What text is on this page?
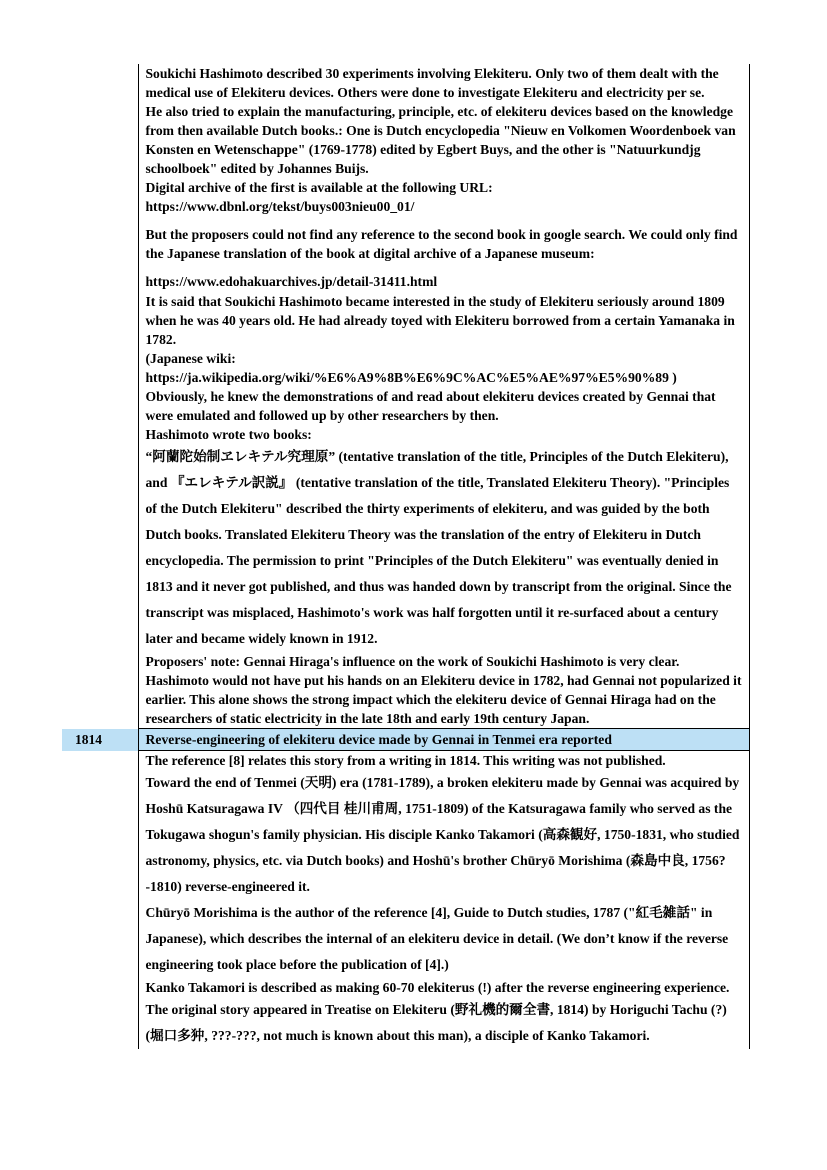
Soukichi Hashimoto described 30 experiments involving Elekiteru. Only two of them dealt with the medical use of Elekiteru devices. Others were done to investigate Elekiteru and electricity per se.

He also tried to explain the manufacturing, principle, etc. of elekiteru devices based on the knowledge from then available Dutch books.: One is Dutch encyclopedia "Nieuw en Volkomen Woordenboek van Konsten en Wetenschappe" (1769-1778) edited by Egbert Buys, and the other is "Natuurkundjg schoolboek" edited by Johannes Buijs.

Digital archive of the first is available at the following URL:

https://www.dbnl.org/tekst/buys003nieu00_01/

But the proposers could not find any reference to the second book in google search. We could only find the Japanese translation of the book at digital archive of a Japanese museum:

https://www.edohakuarchives.jp/detail-31411.html

It is said that Soukichi Hashimoto became interested in the study of Elekiteru seriously around 1809 when he was 40 years old. He had already toyed with Elekiteru borrowed from a certain Yamanaka in 1782.

(Japanese wiki:

https://ja.wikipedia.org/wiki/%E6%A9%8B%E6%9C%AC%E5%AE%97%E5%90%89 )

Obviously, he knew the demonstrations of and read about elekiteru devices created by Gennai that were emulated and followed up by other researchers by then.

Hashimoto wrote two books:

“阿蘭陀始制ヱレキテル究理原” (tentative translation of the title, Principles of the Dutch Elekiteru), and 『エレキテル訳説』 (tentative translation of the title, Translated Elekiteru Theory). "Principles of the Dutch Elekiteru" described the thirty experiments of elekiteru, and was guided by the both Dutch books. Translated Elekiteru Theory was the translation of the entry of Elekiteru in Dutch encyclopedia. The permission to print "Principles of the Dutch Elekiteru" was eventually denied in 1813 and it never got published, and thus was handed down by transcript from the original. Since the transcript was misplaced, Hashimoto's work was half forgotten until it re-surfaced about a century later and became widely known in 1912.

Proposers' note: Gennai Hiraga's influence on the work of Soukichi Hashimoto is very clear. Hashimoto would not have put his hands on an Elekiteru device in 1782, had Gennai not popularized it earlier. This alone shows the strong impact which the elekiteru device of Gennai Hiraga had on the researchers of static electricity in the late 18th and early 19th century Japan.

1814	Reverse-engineering of elekiteru device made by Gennai in Tenmei era reported

	The reference [8] relates this story from a writing in 1814. This writing was not published.

Toward the end of Tenmei (天明) era (1781-1789), a broken elekiteru made by Gennai was acquired by Hoshū Katsuragawa IV （四代目 桂川甫周, 1751-1809) of the Katsuragawa family who served as the Tokugawa shogun's family physician. His disciple Kanko Takamori (高森観好, 1750-1831, who studied astronomy, physics, etc. via Dutch books) and Hoshū's brother Chūryō Morishima (森島中良, 1756?-1810) reverse-engineered it.

Chūryō Morishima is the author of the reference [4], Guide to Dutch studies, 1787 ("紅毛雑話" in Japanese), which describes the internal of an elekiteru device in detail. (We don’t know if the reverse engineering took place before the publication of [4].)

Kanko Takamori is described as making 60-70 elekiterus (!) after the reverse engineering experience.

The original story appeared in Treatise on Elekiteru (野礼機的爾全書, 1814) by Horiguchi Tachu (?) (堀口多狆, ???-???, not much is known about this man), a disciple of Kanko Takamori.
